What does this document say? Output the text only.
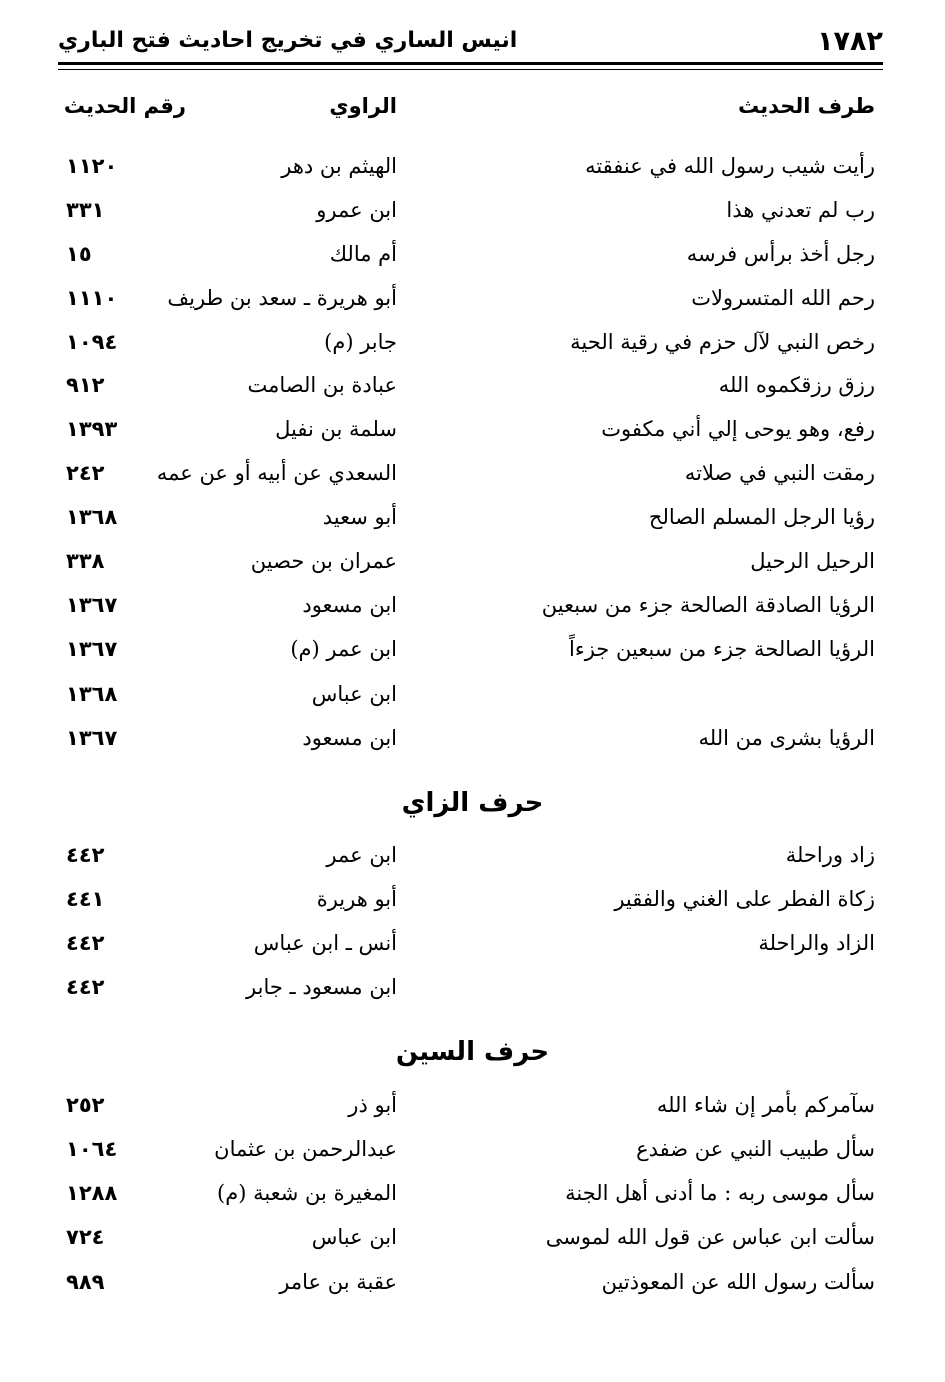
١٧٨٢
انيس الساري في تخريج احاديث فتح الباري
طرف الحديث
الراوي
رقم الحديث
رأيت شيب رسول الله في عنفقته
الهيثم بن دهر
١١٢٠
رب لم تعدني هذا
ابن عمرو
٣٣١
رجل أخذ برأس فرسه
أم مالك
١٥
رحم الله المتسرولات
أبو هريرة ـ سعد بن طريف
١١١٠
رخص النبي لآل حزم في رقية الحية
جابر (م)
١٠٩٤
رزق رزقكموه الله
عبادة بن الصامت
٩١٢
رفع، وهو يوحى إلي أني مكفوت
سلمة بن نفيل
١٣٩٣
رمقت النبي في صلاته
السعدي عن أبيه أو عن عمه
٢٤٢
رؤيا الرجل المسلم الصالح
أبو سعيد
١٣٦٨
الرحيل الرحيل
عمران بن حصين
٣٣٨
الرؤيا الصادقة الصالحة جزء من سبعين
ابن مسعود
١٣٦٧
الرؤيا الصالحة جزء من سبعين جزءاً
ابن عمر (م)
١٣٦٧
ابن عباس
١٣٦٨
الرؤيا بشرى من الله
ابن مسعود
١٣٦٧
حرف الزاي
زاد وراحلة
ابن عمر
٤٤٢
زكاة الفطر على الغني والفقير
أبو هريرة
٤٤١
الزاد والراحلة
أنس ـ ابن عباس
٤٤٢
ابن مسعود ـ جابر
٤٤٢
حرف السين
سآمركم بأمر إن شاء الله
أبو ذر
٢٥٢
سأل طبيب النبي عن ضفدع
عبدالرحمن بن عثمان
١٠٦٤
سأل موسى ربه : ما أدنى أهل الجنة
المغيرة بن شعبة (م)
١٢٨٨
سألت ابن عباس عن قول الله لموسى
ابن عباس
٧٢٤
سألت رسول الله عن المعوذتين
عقبة بن عامر
٩٨٩
